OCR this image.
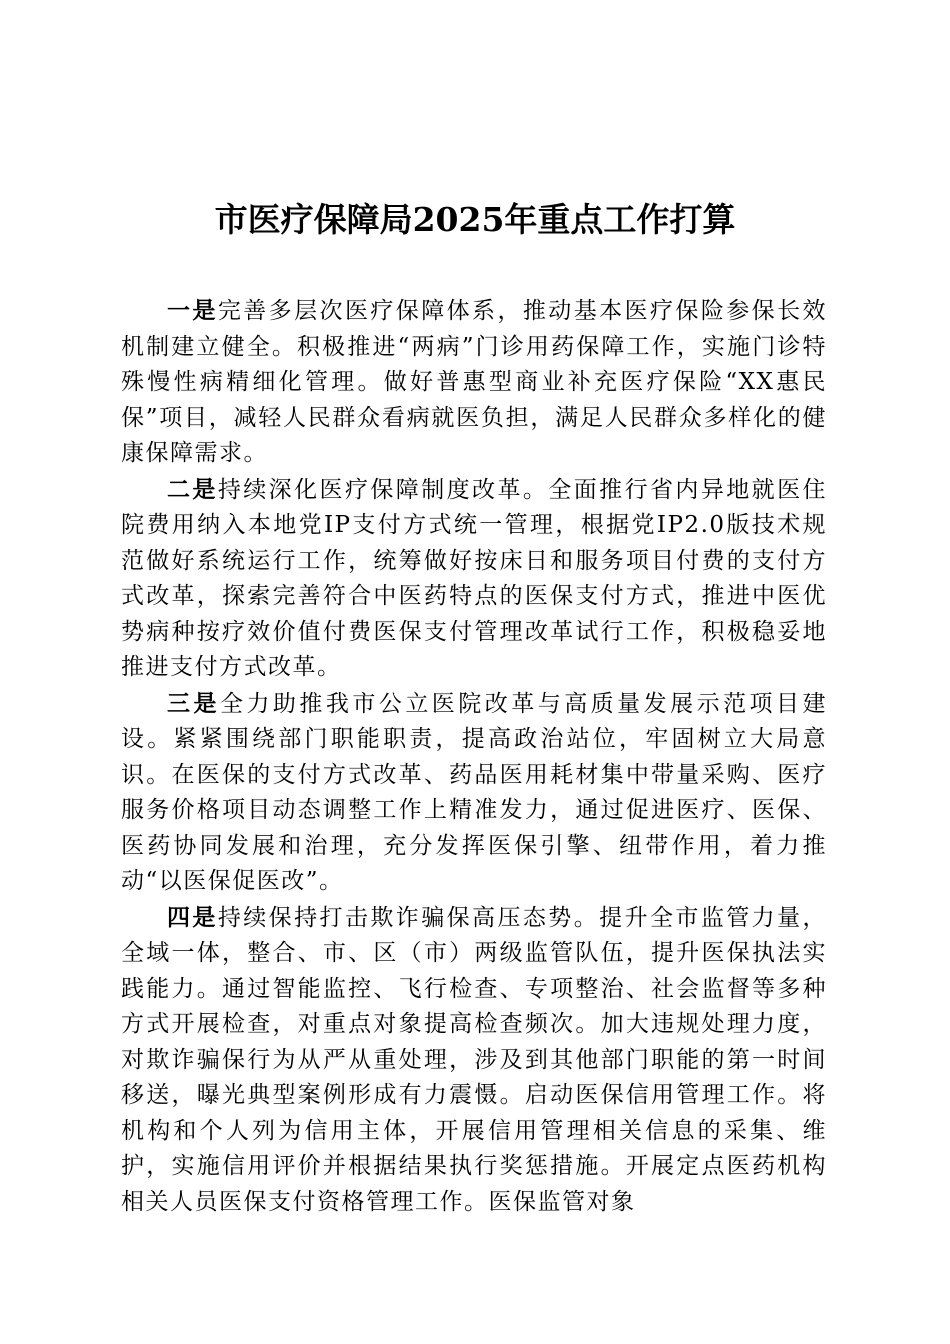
市医疗保障局2025年重点工作打算

一是完善多层次医疗保障体系，推动基本医疗保险参保长效机制建立健全。积极推进“两病”门诊用药保障工作，实施门诊特殊慢性病精细化管理。做好普惠型商业补充医疗保险“XX惠民保”项目，减轻人民群众看病就医负担，满足人民群众多样化的健康保障需求。

二是持续深化医疗保障制度改革。全面推行省内异地就医住院费用纳入本地党IP支付方式统一管理，根据党IP2.0版技术规范做好系统运行工作，统筹做好按床日和服务项目付费的支付方式改革，探索完善符合中医药特点的医保支付方式，推进中医优势病种按疗效价值付费医保支付管理改革试行工作，积极稳妥地推进支付方式改革。

三是全力助推我市公立医院改革与高质量发展示范项目建设。紧紧围绕部门职能职责，提高政治站位，牢固树立大局意识。在医保的支付方式改革、药品医用耗材集中带量采购、医疗服务价格项目动态调整工作上精准发力，通过促进医疗、医保、医药协同发展和治理，充分发挥医保引擎、纽带作用，着力推动“以医保促医改”。

四是持续保持打击欺诈骗保高压态势。提升全市监管力量，全域一体，整合、市、区（市）两级监管队伍，提升医保执法实践能力。通过智能监控、飞行检查、专项整治、社会监督等多种方式开展检查，对重点对象提高检查频次。加大违规处理力度，对欺诈骗保行为从严从重处理，涉及到其他部门职能的第一时间移送，曝光典型案例形成有力震慑。启动医保信用管理工作。将机构和个人列为信用主体，开展信用管理相关信息的采集、维护，实施信用评价并根据结果执行奖惩措施。开展定点医药机构相关人员医保支付资格管理工作。医保监管对象
